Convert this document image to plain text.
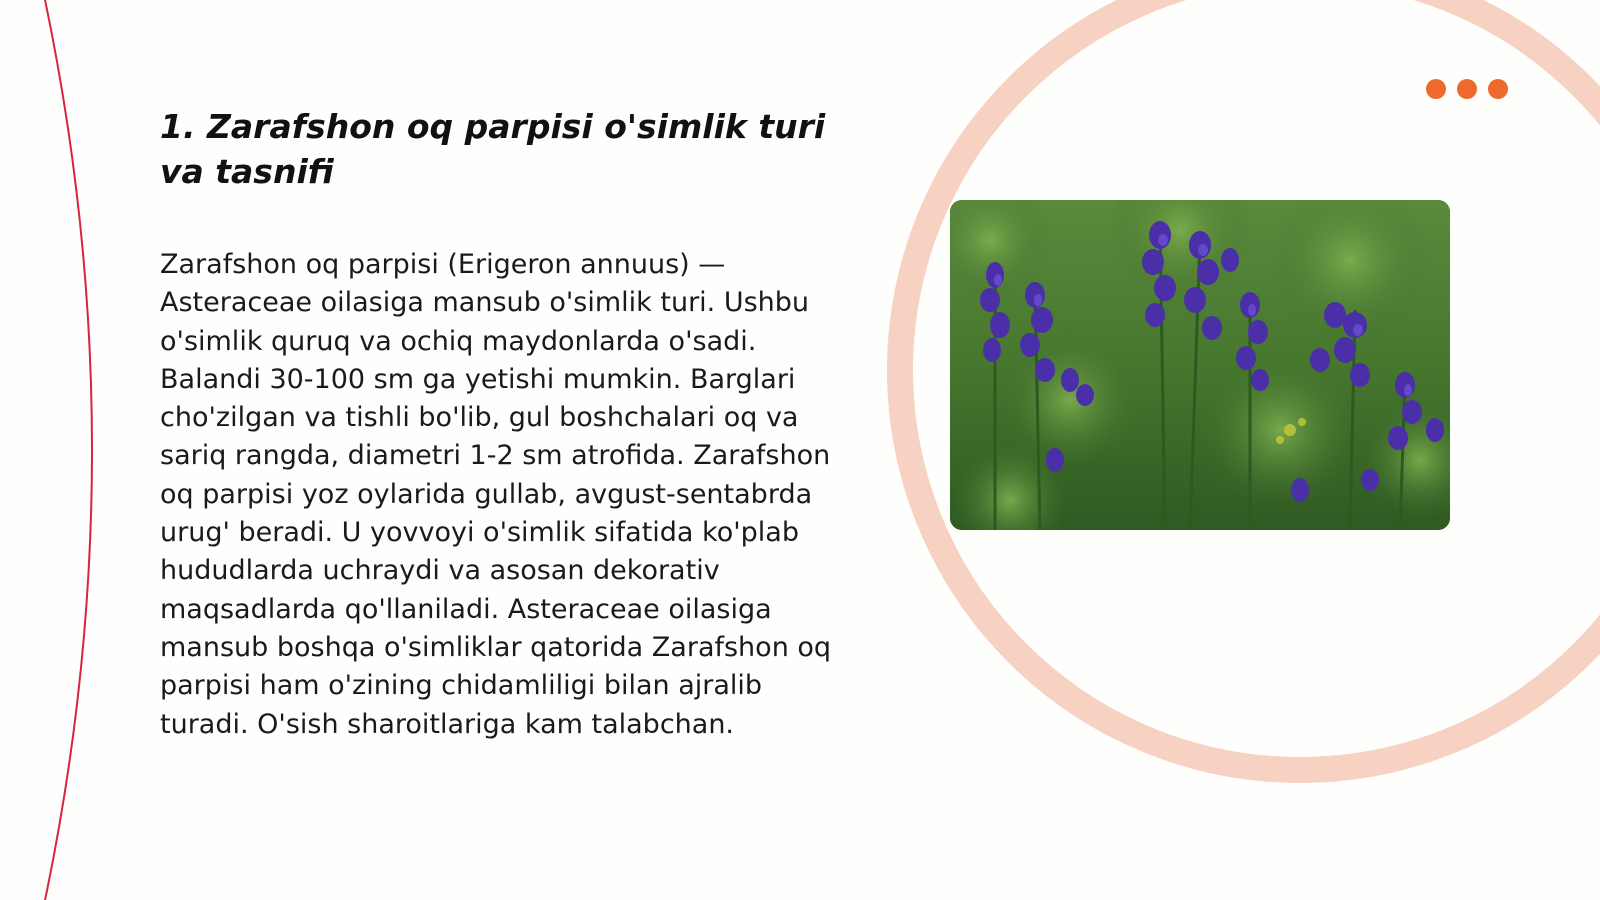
1. Zarafshon oq parpisi o'simlik turi va tasnifi

Zarafshon oq parpisi (Erigeron annuus) — Asteraceae oilasiga mansub o'simlik turi. Ushbu o'simlik quruq va ochiq maydonlarda o'sadi. Balandi 30-100 sm ga yetishi mumkin. Barglari cho'zilgan va tishli bo'lib, gul boshchalari oq va sariq rangda, diametri 1-2 sm atrofida. Zarafshon oq parpisi yoz oylarida gullab, avgust-sentabrda urug' beradi. U yovvoyi o'simlik sifatida ko'plab hududlarda uchraydi va asosan dekorativ maqsadlarda qo'llaniladi. Asteraceae oilasiga mansub boshqa o'simliklar qatorida Zarafshon oq parpisi ham o'zining chidamliligi bilan ajralib turadi. O'sish sharoitlariga kam talabchan.
